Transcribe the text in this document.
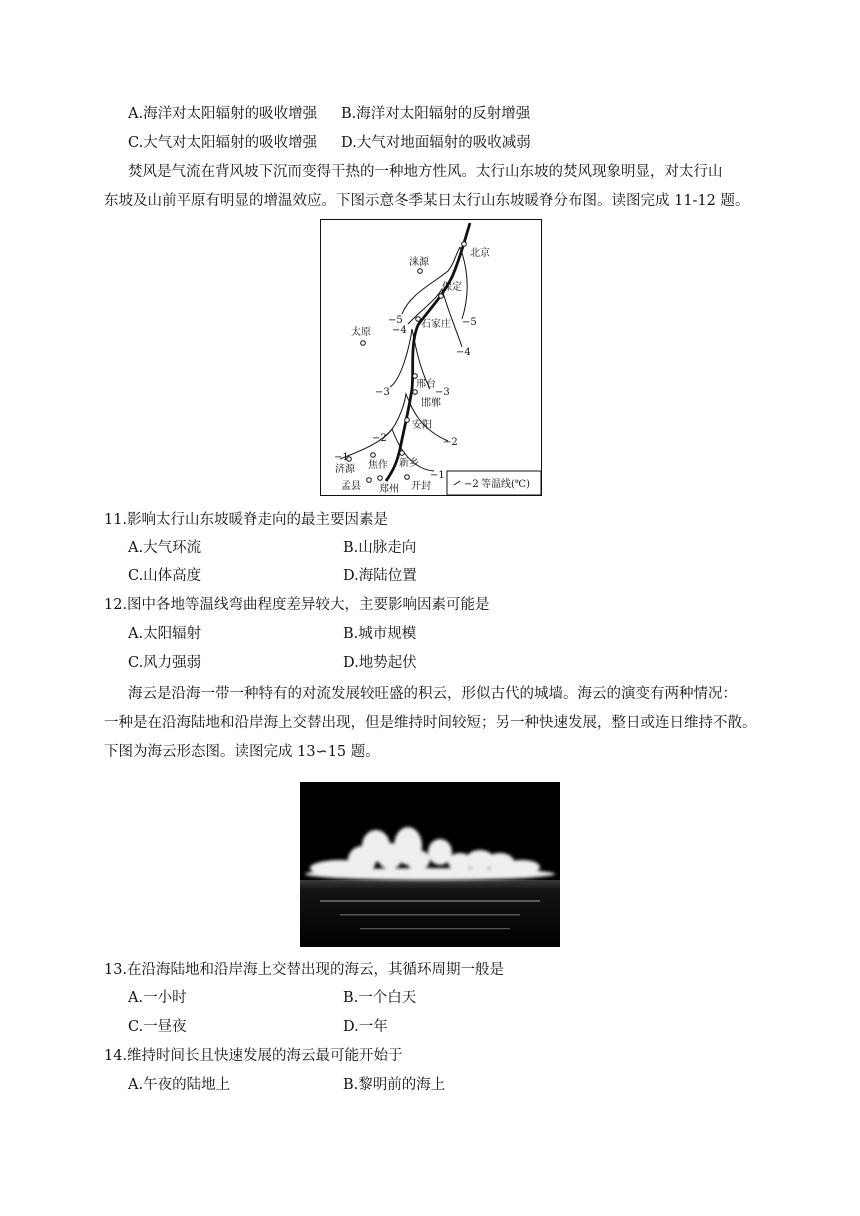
A.海洋对太阳辐射的吸收增强 B.海洋对太阳辐射的反射增强
C.大气对太阳辐射的吸收增强 D.大气对地面辐射的吸收减弱
焚风是气流在背风坡下沉而变得干热的一种地方性风。太行山东坡的焚风现象明显，对太行山
东坡及山前平原有明显的增温效应。下图示意冬季某日太行山东坡暖脊分布图。读图完成 11-12 题。
−2 等温线(℃)
北京
涞源
保定
石家庄
太原
邢台
邯郸
安阳
济源 焦作 新乡
孟县 郑州 开封
−5
−4
−5
−4
−3	−3
−2	−2
−1
−1
11.影响太行山东坡暖脊走向的最主要因素是
A.大气环流	B.山脉走向
C.山体高度	D.海陆位置
12.图中各地等温线弯曲程度差异较大，主要影响因素可能是
A.太阳辐射	B.城市规模
C.风力强弱	D.地势起伏
海云是沿海一带一种特有的对流发展较旺盛的积云，形似古代的城墙。海云的演变有两种情况：
一种是在沿海陆地和沿岸海上交替出现，但是维持时间较短；另一种快速发展，整日或连日维持不散。
下图为海云形态图。读图完成 13∽15 题。
13.在沿海陆地和沿岸海上交替出现的海云，其循环周期一般是
A.一小时	B.一个白天
C.一昼夜	D.一年
14.维持时间长且快速发展的海云最可能开始于
A.午夜的陆地上	B.黎明前的海上
